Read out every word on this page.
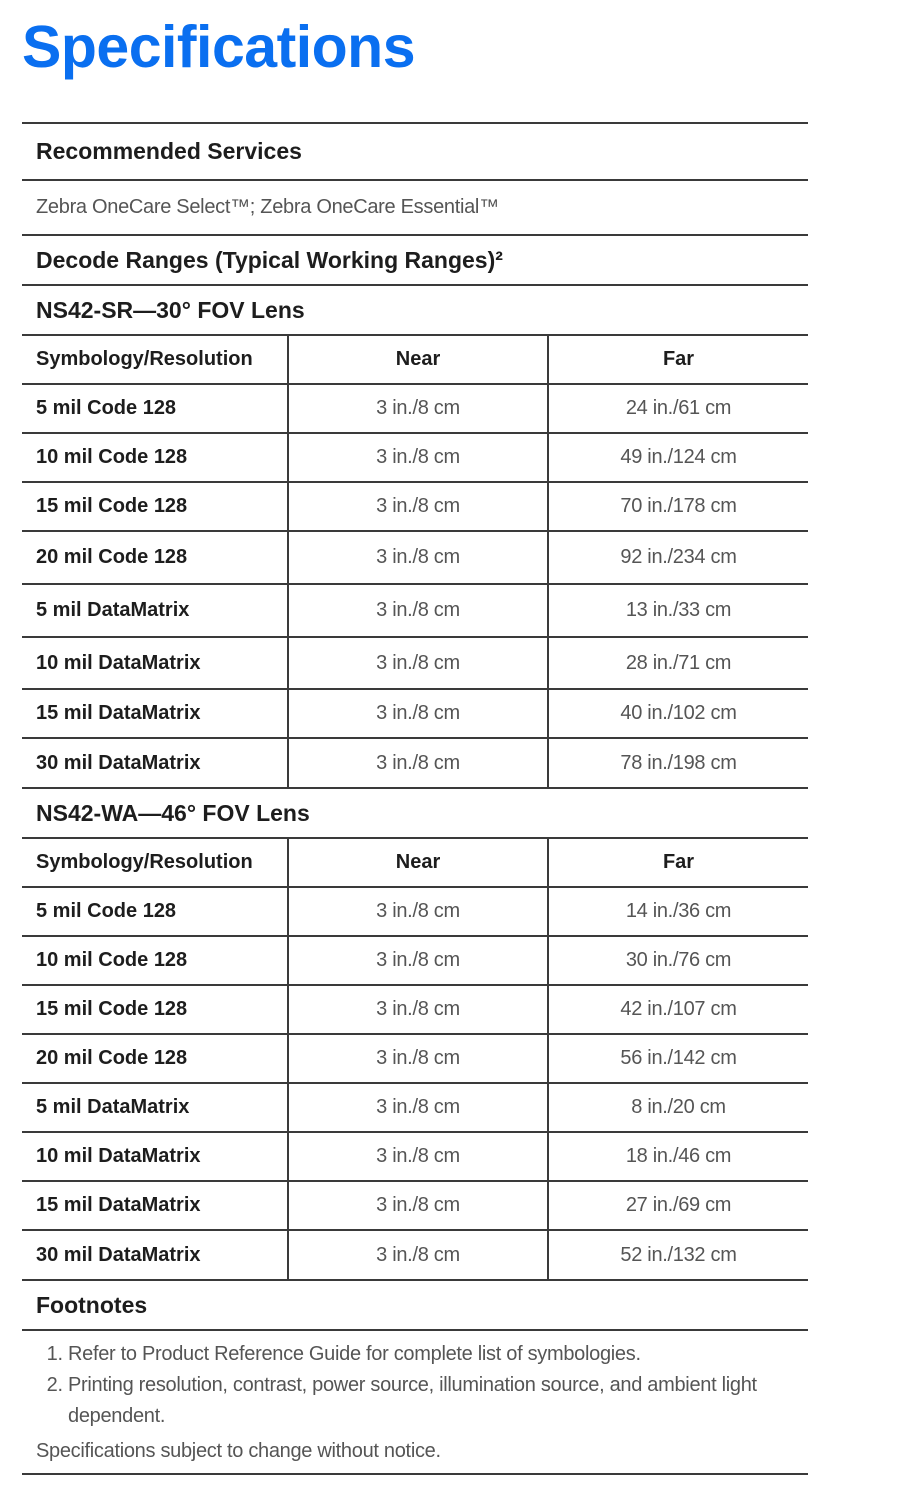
Specifications
Recommended Services
Zebra OneCare Select™; Zebra OneCare Essential™
Decode Ranges (Typical Working Ranges)²
NS42-SR—30° FOV Lens
Symbology/Resolution	Near	Far
5 mil Code 128	3 in./8 cm	24 in./61 cm
10 mil Code 128	3 in./8 cm	49 in./124 cm
15 mil Code 128	3 in./8 cm	70 in./178 cm
20 mil Code 128	3 in./8 cm	92 in./234 cm
5 mil DataMatrix	3 in./8 cm	13 in./33 cm
10 mil DataMatrix	3 in./8 cm	28 in./71 cm
15 mil DataMatrix	3 in./8 cm	40 in./102 cm
30 mil DataMatrix	3 in./8 cm	78 in./198 cm
NS42-WA—46° FOV Lens
Symbology/Resolution	Near	Far
5 mil Code 128	3 in./8 cm	14 in./36 cm
10 mil Code 128	3 in./8 cm	30 in./76 cm
15 mil Code 128	3 in./8 cm	42 in./107 cm
20 mil Code 128	3 in./8 cm	56 in./142 cm
5 mil DataMatrix	3 in./8 cm	8 in./20 cm
10 mil DataMatrix	3 in./8 cm	18 in./46 cm
15 mil DataMatrix	3 in./8 cm	27 in./69 cm
30 mil DataMatrix	3 in./8 cm	52 in./132 cm
Footnotes
1. Refer to Product Reference Guide for complete list of symbologies.
2. Printing resolution, contrast, power source, illumination source, and ambient light dependent.

Specifications subject to change without notice.
